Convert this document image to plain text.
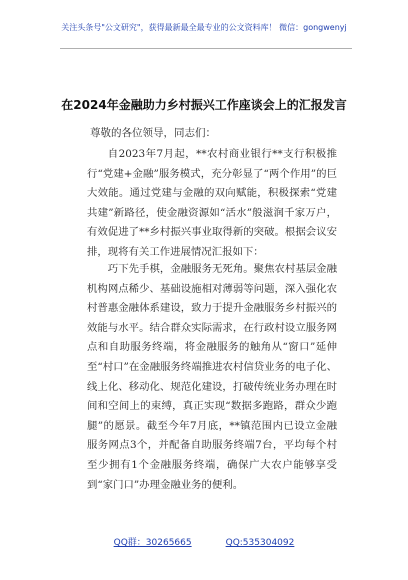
关注头条号"公文研究"，获得最新最全最专业的公文资料库！ 微信：gongwenyj
在2024年金融助力乡村振兴工作座谈会上的汇报发言
尊敬的各位领导，同志们：

自2023年7月起，**农村商业银行**支行积极推行“党建+金融”服务模式，充分彰显了“两个作用”的巨大效能。通过党建与金融的双向赋能，积极探索“党建共建”新路径，使金融资源如“活水”般滋润千家万户，有效促进了**乡村振兴事业取得新的突破。根据会议安排，现将有关工作进展情况汇报如下：

巧下先手棋，金融服务无死角。聚焦农村基层金融机构网点稀少、基础设施相对薄弱等问题，深入强化农村普惠金融体系建设，致力于提升金融服务乡村振兴的效能与水平。结合群众实际需求，在行政村设立服务网点和自助服务终端，将金融服务的触角从“窗口”延伸至“村口”在金融服务终端推进农村信贷业务的电子化、线上化、移动化、规范化建设，打破传统业务办理在时间和空间上的束缚，真正实现“数据多跑路，群众少跑腿”的愿景。截至今年7月底，**镇范围内已设立金融服务网点3个，并配备自助服务终端7台，平均每个村至少拥有1个金融服务终端，确保广大农户能够享受到“家门口”办理金融业务的便利。

QQ群：30265665	QQ:535304092
